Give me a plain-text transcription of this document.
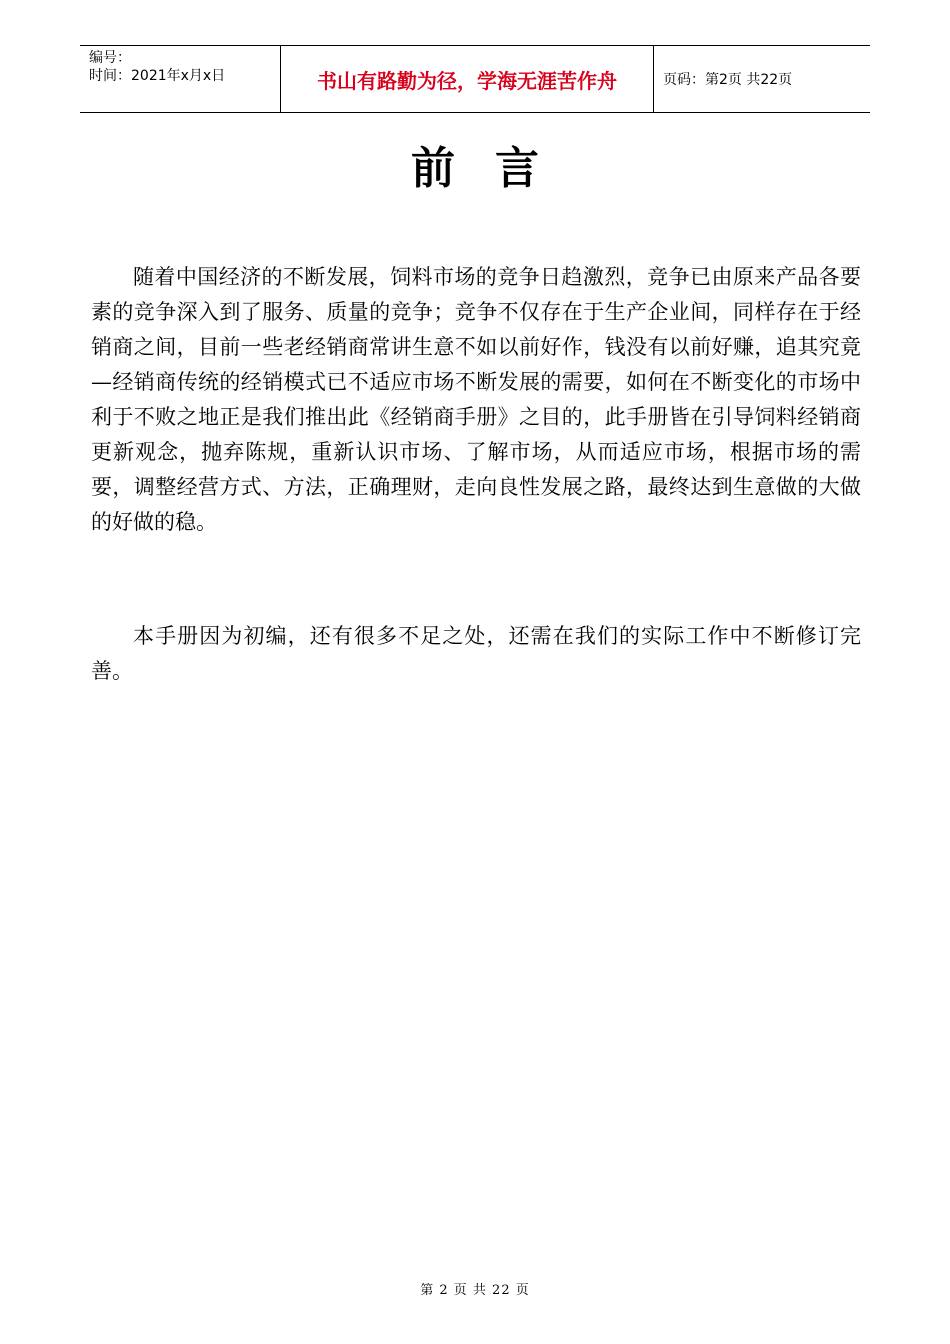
编号：
时间：2021年x月x日	书山有路勤为径，学海无涯苦作舟	页码：第2页 共22页
前言
随着中国经济的不断发展，饲料市场的竞争日趋激烈，竞争已由原来产品各要素的竞争深入到了服务、质量的竞争；竞争不仅存在于生产企业间，同样存在于经销商之间，目前一些老经销商常讲生意不如以前好作，钱没有以前好赚，追其究竟—经销商传统的经销模式已不适应市场不断发展的需要，如何在不断变化的市场中利于不败之地正是我们推出此《经销商手册》之目的，此手册皆在引导饲料经销商更新观念，抛弃陈规，重新认识市场、了解市场，从而适应市场，根据市场的需要，调整经营方式、方法，正确理财，走向良性发展之路，最终达到生意做的大做的好做的稳。
本手册因为初编，还有很多不足之处，还需在我们的实际工作中不断修订完善。
第 2 页 共 22 页
